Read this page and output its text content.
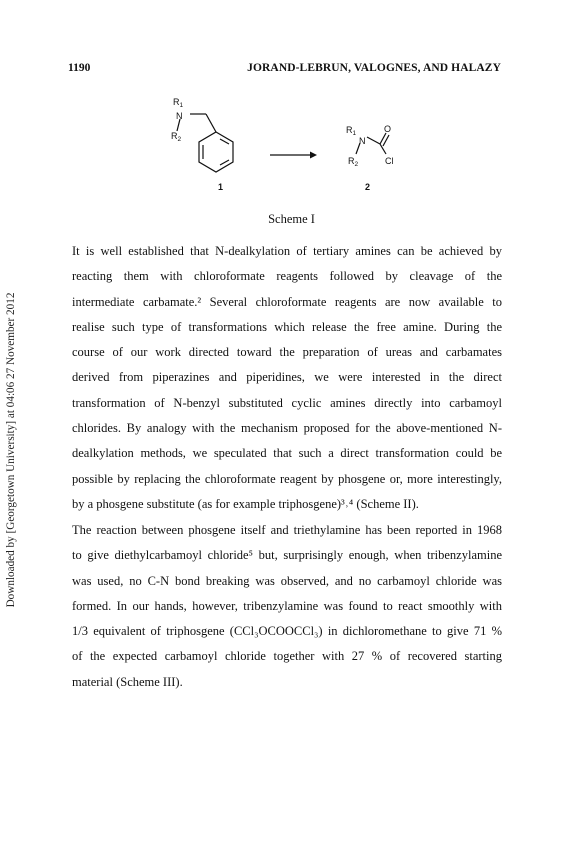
Downloaded by [Georgetown University] at 04:06 27 November 2012
1190	JORAND-LEBRUN, VALOGNES, AND HALAZY
$R_1$
N
$R_2$
1
$R_1$
N
O
$R_2$	Cl
2
Scheme I
It is well established that N-dealkylation of tertiary amines can be achieved by
reacting them with chloroformate reagents followed by cleavage of the
intermediate carbamate.² Several chloroformate reagents are now available to
realise such type of transformations which release the free amine. During the
course of our work directed toward the preparation of ureas and carbamates
derived from piperazines and piperidines, we were interested in the direct
transformation of N-benzyl substituted cyclic amines directly into carbamoyl
chlorides. By analogy with the mechanism proposed for the above-mentioned N-
dealkylation methods, we speculated that such a direct transformation could be
possible by replacing the chloroformate reagent by phosgene or, more interestingly,
by a phosgene substitute (as for example triphosgene)³˒⁴ (Scheme II).
The reaction between phosgene itself and triethylamine has been reported in 1968
to give diethylcarbamoyl chloride⁵ but, surprisingly enough, when tribenzylamine
was used, no C-N bond breaking was observed, and no carbamoyl chloride was
formed. In our hands, however, tribenzylamine was found to react smoothly with
1/3 equivalent of triphosgene (CCl₃OCOOCCl₃) in dichloromethane to give 71 %
of the expected carbamoyl chloride together with 27 % of recovered starting
material (Scheme III).
